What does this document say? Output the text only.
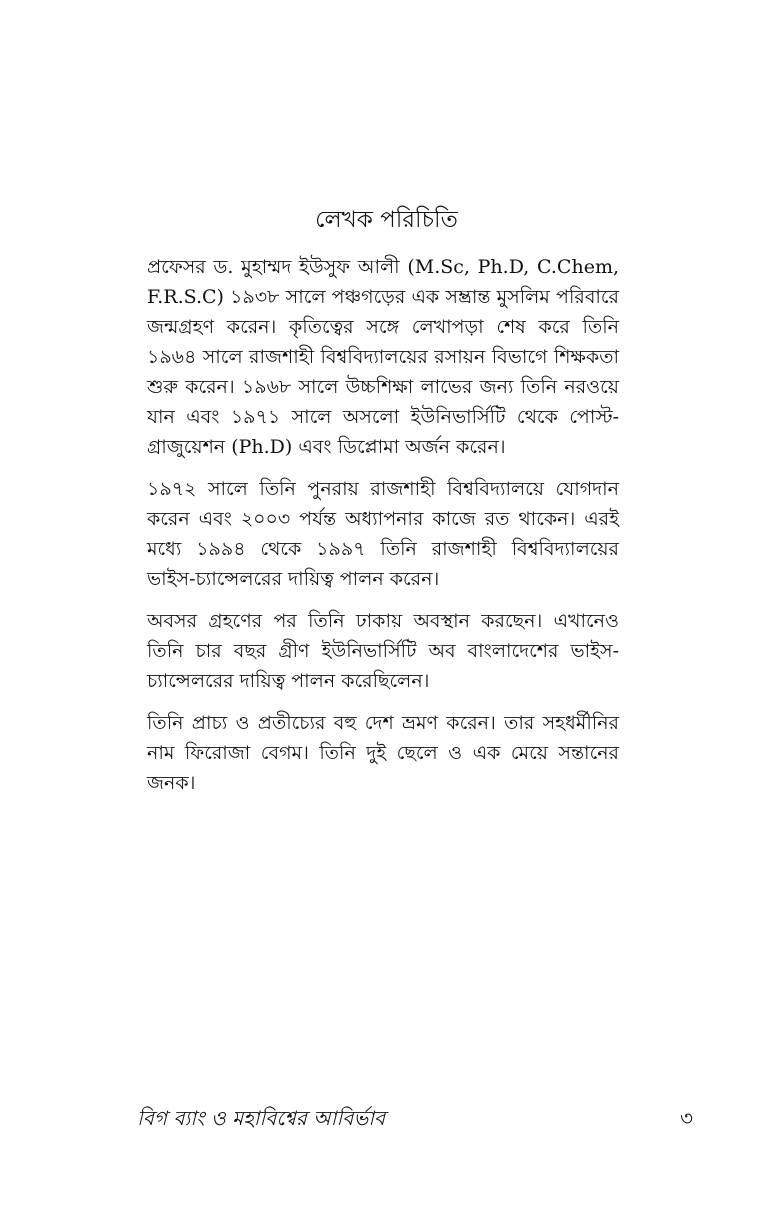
লেখক পরিচিতি

প্রফেসর ড. মুহাম্মদ ইউসুফ আলী (M.Sc, Ph.D, C.Chem, F.R.S.C) ১৯৩৮ সালে পঞ্চগড়ের এক সম্ভ্রান্ত মুসলিম পরিবারে জন্মগ্রহণ করেন। কৃতিত্বের সঙ্গে লেখাপড়া শেষ করে তিনি ১৯৬৪ সালে রাজশাহী বিশ্ববিদ্যালয়ের রসায়ন বিভাগে শিক্ষকতা শুরু করেন। ১৯৬৮ সালে উচ্চশিক্ষা লাভের জন্য তিনি নরওয়ে যান এবং ১৯৭১ সালে অসলো ইউনিভার্সিটি থেকে পোস্ট-গ্রাজুয়েশন (Ph.D) এবং ডিপ্লোমা অর্জন করেন।

১৯৭২ সালে তিনি পুনরায় রাজশাহী বিশ্ববিদ্যালয়ে যোগদান করেন এবং ২০০৩ পর্যন্ত অধ্যাপনার কাজে রত থাকেন। এরই মধ্যে ১৯৯৪ থেকে ১৯৯৭ তিনি রাজশাহী বিশ্ববিদ্যালয়ের ভাইস-চ্যান্সেলরের দায়িত্ব পালন করেন।

অবসর গ্রহণের পর তিনি ঢাকায় অবস্থান করছেন। এখানেও তিনি চার বছর গ্রীণ ইউনিভার্সিটি অব বাংলাদেশের ভাইস-চ্যান্সেলরের দায়িত্ব পালন করেছিলেন।

তিনি প্রাচ্য ও প্রতীচ্যের বহু দেশ ভ্রমণ করেন। তার সহধর্মীনির নাম ফিরোজা বেগম। তিনি দুই ছেলে ও এক মেয়ে সন্তানের জনক।

বিগ ব্যাং ও মহাবিশ্বের আবির্ভাব	৩
